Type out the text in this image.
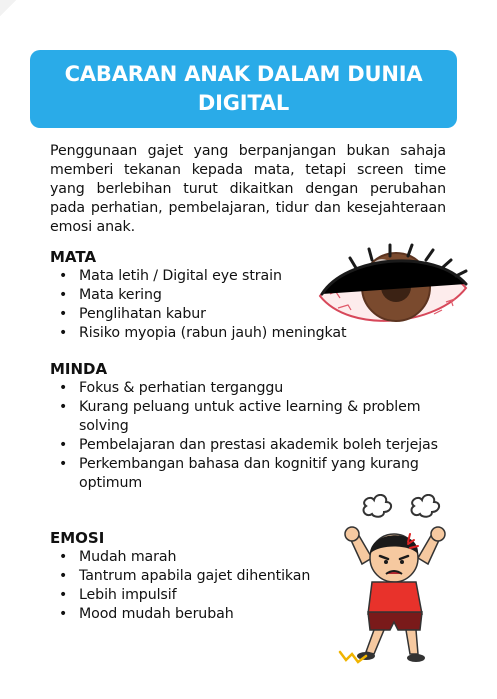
CABARAN ANAK DALAM DUNIA DIGITAL

Penggunaan gajet yang berpanjangan bukan sahaja memberi tekanan kepada mata, tetapi screen time yang berlebihan turut dikaitkan dengan perubahan pada perhatian, pembelajaran, tidur dan kesejahteraan emosi anak.

MATA
• Mata letih / Digital eye strain
• Mata kering
• Penglihatan kabur
• Risiko myopia (rabun jauh) meningkat
MINDA
• Fokus & perhatian terganggu
• Kurang peluang untuk active learning & problem solving
• Pembelajaran dan prestasi akademik boleh terjejas
• Perkembangan bahasa dan kognitif yang kurang optimum
EMOSI
• Mudah marah
• Tantrum apabila gajet dihentikan
• Lebih impulsif
• Mood mudah berubah
